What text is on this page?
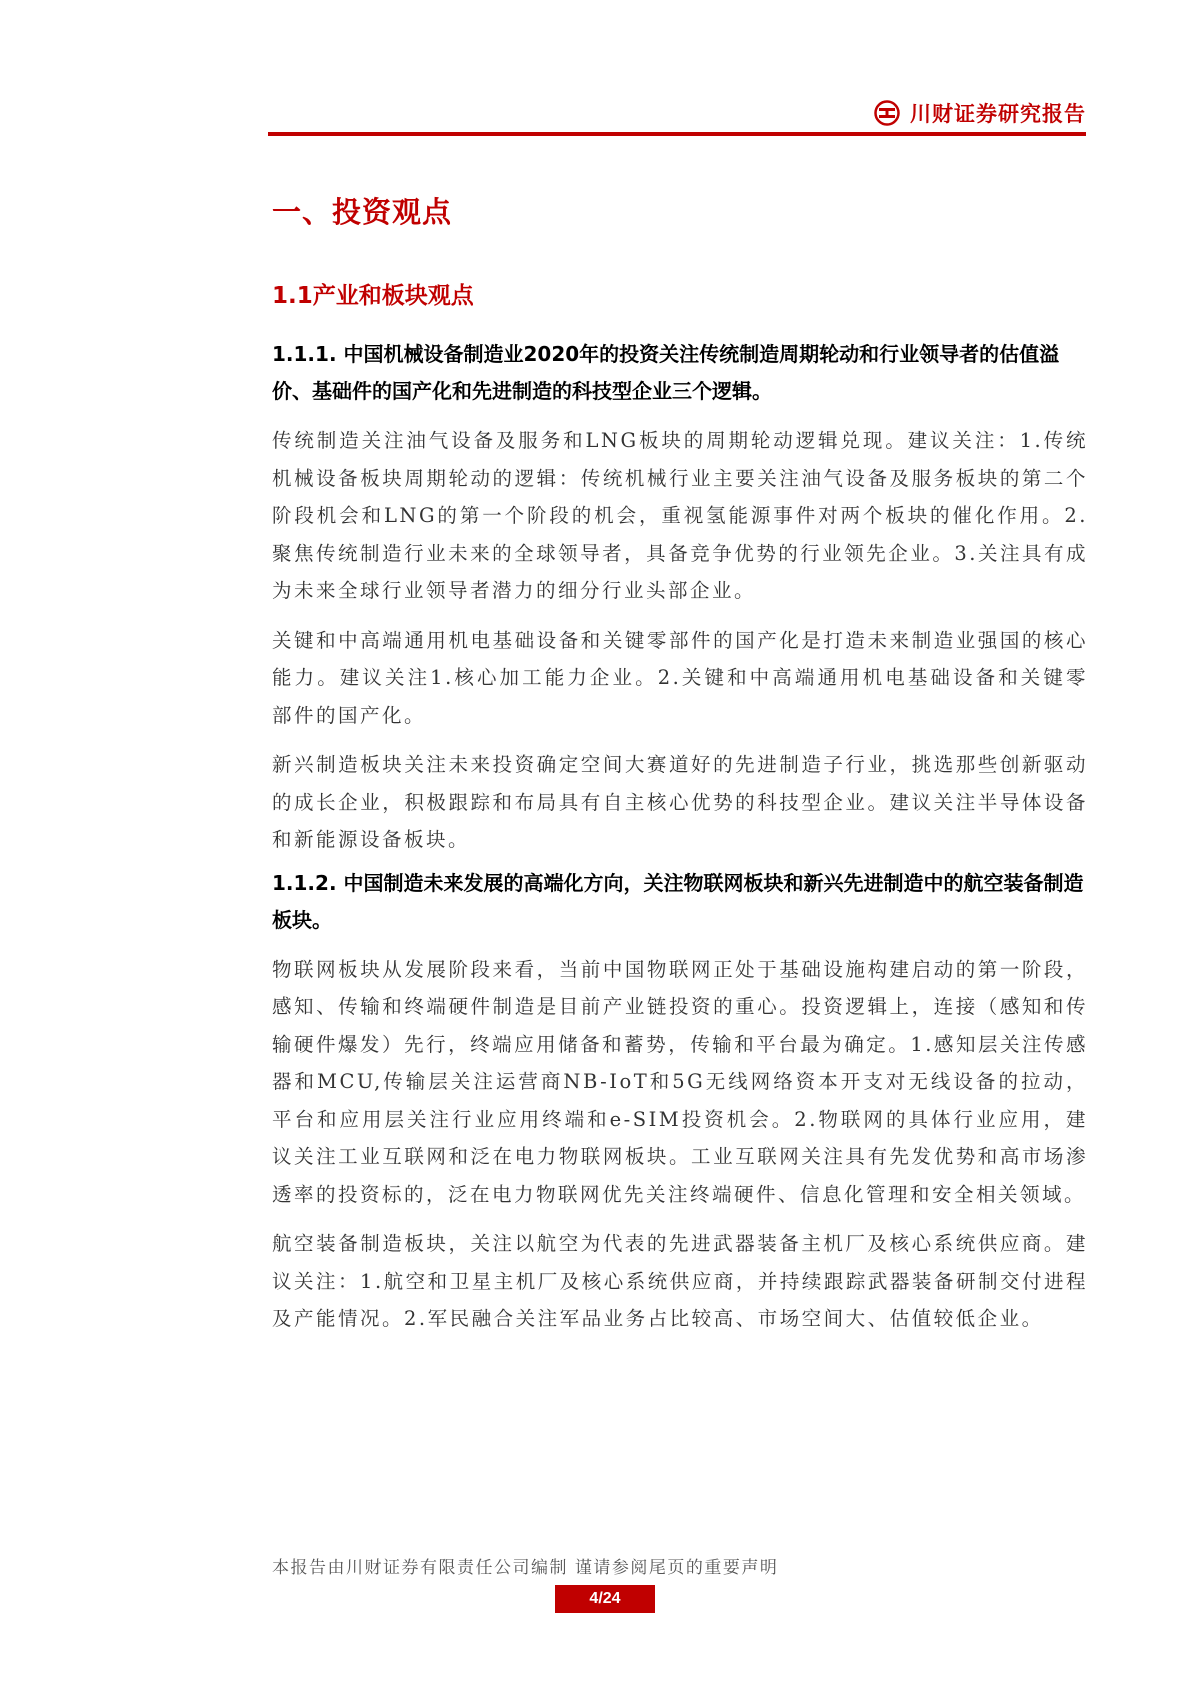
川财证券研究报告
一、投资观点
1.1产业和板块观点
1.1.1. 中国机械设备制造业2020年的投资关注传统制造周期轮动和行业领导者的估值溢价、基础件的国产化和先进制造的科技型企业三个逻辑。

传统制造关注油气设备及服务和LNG板块的周期轮动逻辑兑现。建议关注：1.传统机械设备板块周期轮动的逻辑：传统机械行业主要关注油气设备及服务板块的第二个阶段机会和LNG的第一个阶段的机会，重视氢能源事件对两个板块的催化作用。2.聚焦传统制造行业未来的全球领导者，具备竞争优势的行业领先企业。3.关注具有成为未来全球行业领导者潜力的细分行业头部企业。

关键和中高端通用机电基础设备和关键零部件的国产化是打造未来制造业强国的核心能力。建议关注1.核心加工能力企业。2.关键和中高端通用机电基础设备和关键零部件的国产化。

新兴制造板块关注未来投资确定空间大赛道好的先进制造子行业，挑选那些创新驱动的成长企业，积极跟踪和布局具有自主核心优势的科技型企业。建议关注半导体设备和新能源设备板块。

1.1.2. 中国制造未来发展的高端化方向，关注物联网板块和新兴先进制造中的航空装备制造板块。

物联网板块从发展阶段来看，当前中国物联网正处于基础设施构建启动的第一阶段，感知、传输和终端硬件制造是目前产业链投资的重心。投资逻辑上，连接（感知和传输硬件爆发）先行，终端应用储备和蓄势，传输和平台最为确定。1.感知层关注传感器和MCU,传输层关注运营商NB-IoT和5G无线网络资本开支对无线设备的拉动，平台和应用层关注行业应用终端和e-SIM投资机会。2.物联网的具体行业应用，建议关注工业互联网和泛在电力物联网板块。工业互联网关注具有先发优势和高市场渗透率的投资标的，泛在电力物联网优先关注终端硬件、信息化管理和安全相关领域。

航空装备制造板块，关注以航空为代表的先进武器装备主机厂及核心系统供应商。建议关注：1.航空和卫星主机厂及核心系统供应商，并持续跟踪武器装备研制交付进程及产能情况。2.军民融合关注军品业务占比较高、市场空间大、估值较低企业。

本报告由川财证券有限责任公司编制 谨请参阅尾页的重要声明
4/24
